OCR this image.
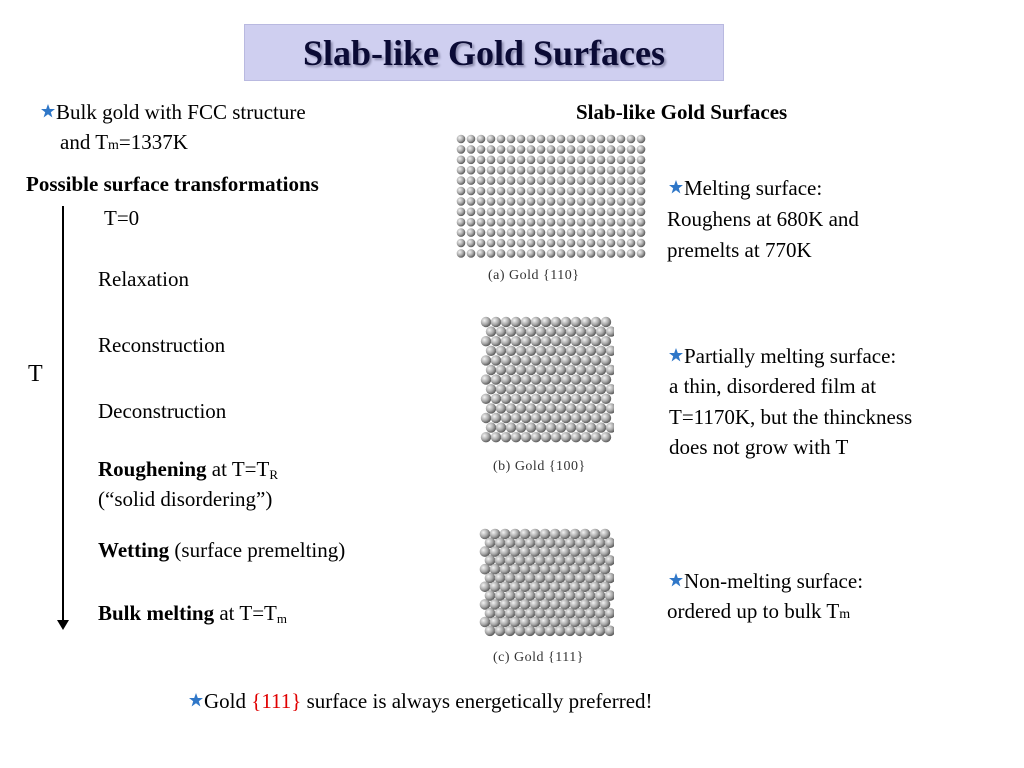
Slab-like Gold Surfaces
Bulk gold with FCC structure
and Tm=1337K
Possible surface transformations
T
T=0
Relaxation
Reconstruction
Deconstruction
Roughening at $T=T_R$
(“solid disordering”)
Wetting (surface premelting)
Bulk melting at $T=T_m$
Slab-like Gold Surfaces
(a) Gold {110}
(b) Gold {100}
(c) Gold {111}
Melting surface:
Roughens at 680K and
premelts at 770K
Partially melting surface:
a thin, disordered film at
T=1170K, but the thinckness
does not grow with T
Non-melting surface:
ordered up to bulk Tm
Gold {111} surface is always energetically preferred!
